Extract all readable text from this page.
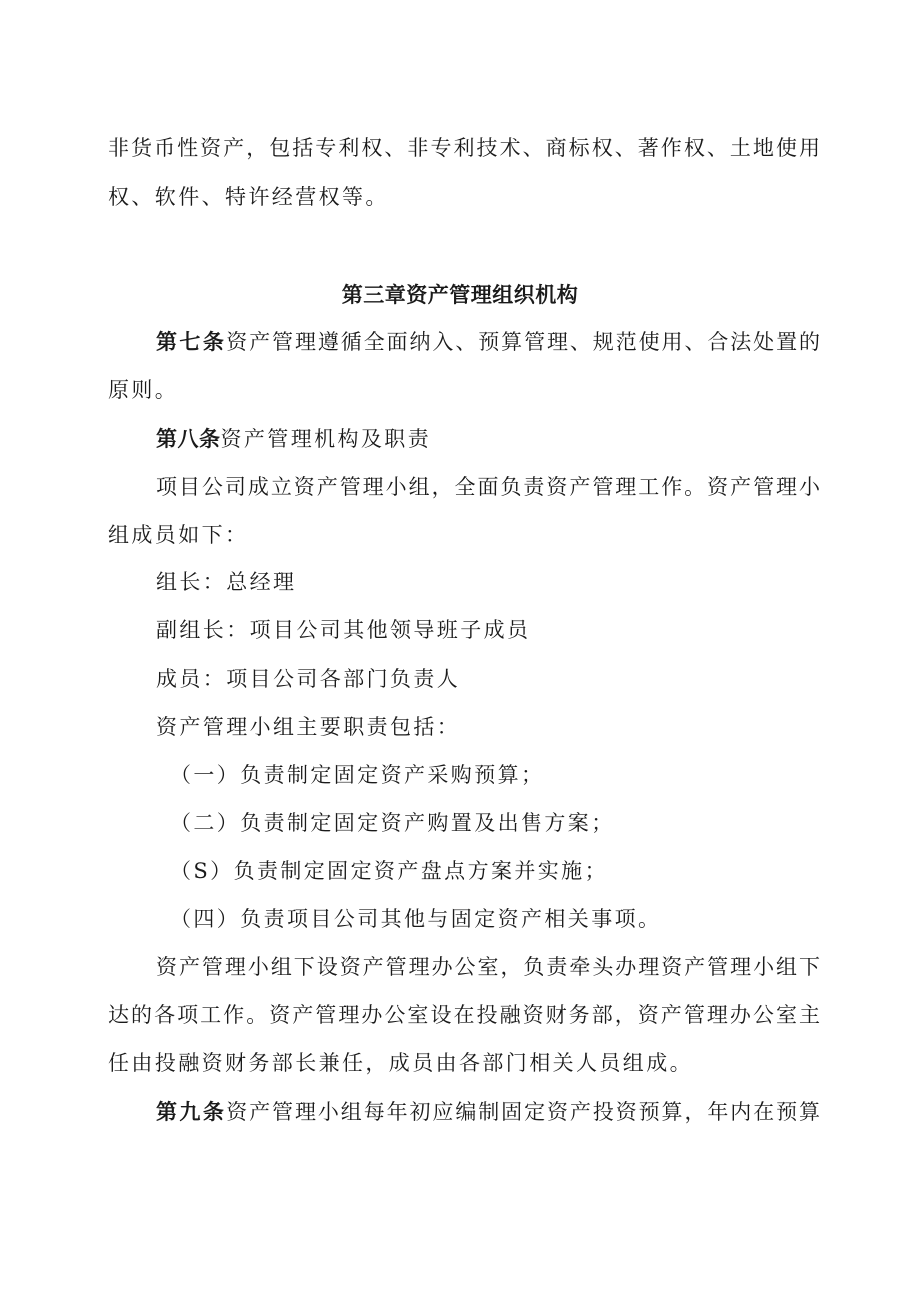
非货币性资产，包括专利权、非专利技术、商标权、著作权、土地使用
权、软件、特许经营权等。
第三章资产管理组织机构
第七条资产管理遵循全面纳入、预算管理、规范使用、合法处置的
原则。
第八条资产管理机构及职责
项目公司成立资产管理小组，全面负责资产管理工作。资产管理小
组成员如下：
组长：总经理
副组长：项目公司其他领导班子成员
成员：项目公司各部门负责人
资产管理小组主要职责包括：
（一）负责制定固定资产采购预算；
（二）负责制定固定资产购置及出售方案；
（S）负责制定固定资产盘点方案并实施；
（四）负责项目公司其他与固定资产相关事项。
资产管理小组下设资产管理办公室，负责牵头办理资产管理小组下
达的各项工作。资产管理办公室设在投融资财务部，资产管理办公室主
任由投融资财务部长兼任，成员由各部门相关人员组成。
第九条资产管理小组每年初应编制固定资产投资预算，年内在预算
